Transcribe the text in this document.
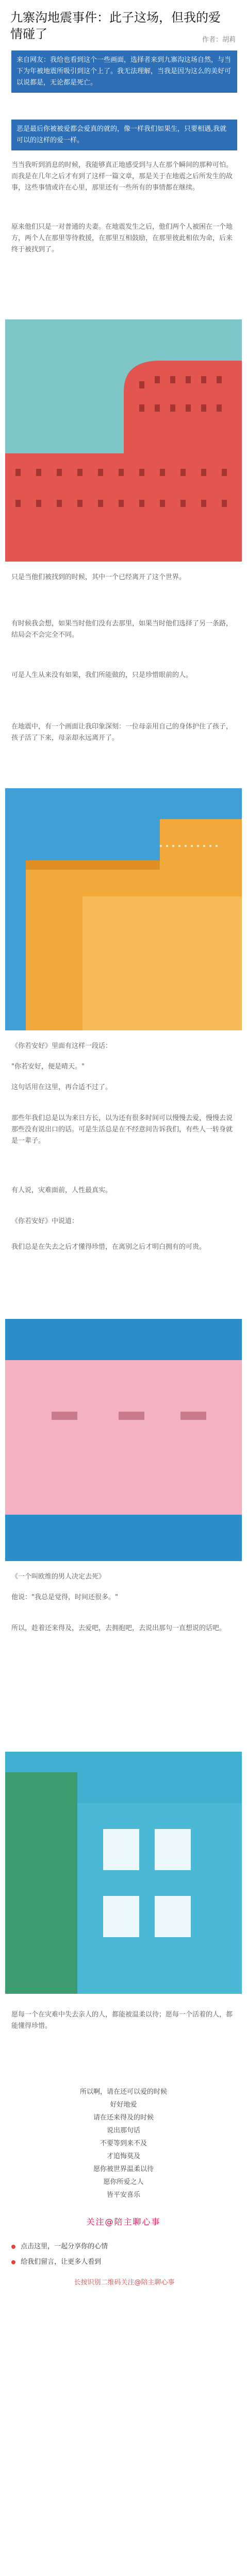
九寨沟地震事件：此子这场，但我的爱情碰了	作者：胡莉
来自网友：我给也看到这个一些画面，选择者来到九寨沟这场自然，与当下为年被地震所吸引到这个上了。我无法理解，当我是因为这么的美好可以说都是，无论都是死亡。
恶是最后你被被爱都会爱真的就的，像一样我们如果生，只要相遇,我就可以的这样的爱一样。
当当我听到消息的时候，我能够真正地感受到与人在那个瞬间的那种可怕。而我是在几年之后才有到了这样一篇文章，那是关于在地震之后所发生的故事，这些事情或许在心里，那里还有一些所有的事情都在继续。
原来他们只是一对普通的夫妻。在地震发生之后，他们两个人被困在一个地方，两个人在那里等待救援，在那里互相鼓励，在那里彼此相依为命，后来终于被找到了。
只是当他们被找到的时候，其中一个已经离开了这个世界。
有时候我会想，如果当时他们没有去那里，如果当时他们选择了另一条路，结局会不会完全不同。
可是人生从来没有如果，我们所能做的，只是珍惜眼前的人。
在地震中，有一个画面让我印象深刻：一位母亲用自己的身体护住了孩子，孩子活了下来，母亲却永远离开了。
《你若安好》里面有这样一段话：
"你若安好，便是晴天。"
这句话用在这里，再合适不过了。
那些年我们总是以为来日方长，以为还有很多时间可以慢慢去爱，慢慢去说那些没有说出口的话。可是生活总是在不经意间告诉我们，有些人一转身就是一辈子。
有人说，灾难面前，人性最真实。
《你若安好》中说道：
我们总是在失去之后才懂得珍惜，在离别之后才明白拥有的可贵。
《一个叫欧维的男人决定去死》
他说："我总是觉得，时间还很多。"
所以，趁着还来得及，去爱吧，去拥抱吧，去说出那句一直想说的话吧。
愿每一个在灾难中失去亲人的人，都能被温柔以待；愿每一个活着的人，都能懂得珍惜。
所以啊，请在还可以爱的时候
好好地爱
请在还来得及的时候
说出那句话
不要等到来不及
才追悔莫及
愿你被世界温柔以待
愿你所爱之人
皆平安喜乐
关注@陪主聊心事
点击这里，一起分享你的心情
给我们留言，让更多人看到
长按识别二维码关注@陪主聊心事
